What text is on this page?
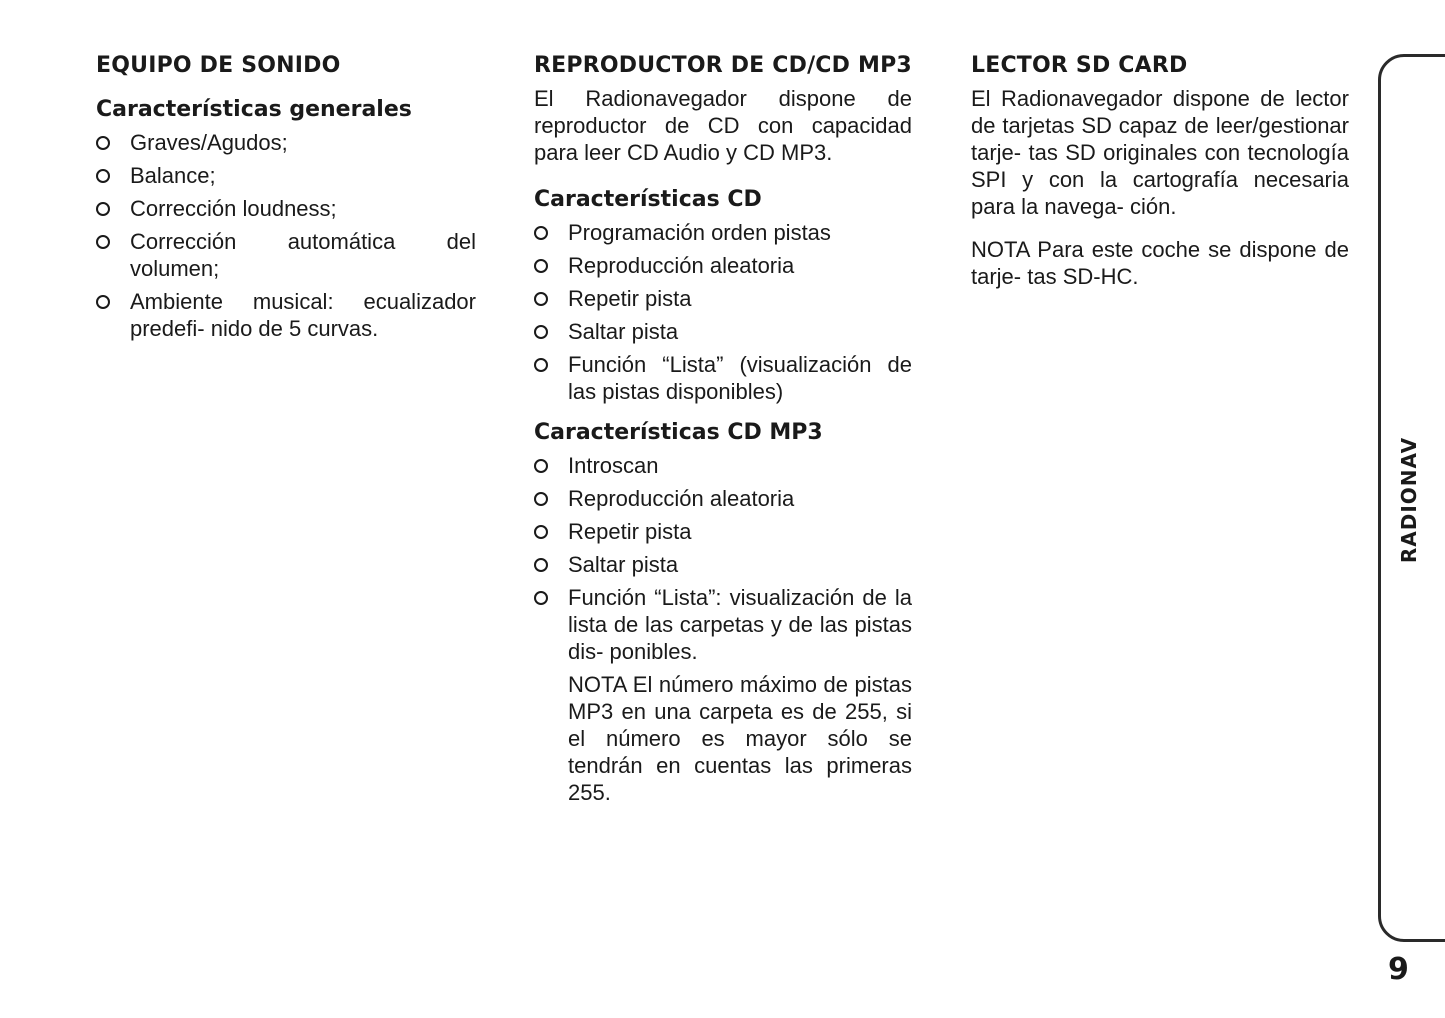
EQUIPO DE SONIDO
Características generales
Graves/Agudos;
Balance;
Corrección loudness;
Corrección automática del volumen;
Ambiente musical: ecualizador predefi- nido de 5 curvas.
REPRODUCTOR DE CD/CD MP3

El Radionavegador dispone de reproductor de CD con capacidad para leer CD Audio y CD MP3.

Características CD
Programación orden pistas
Reproducción aleatoria
Repetir pista
Saltar pista
Función “Lista” (visualización de las pistas disponibles)
Características CD MP3
Introscan
Reproducción aleatoria
Repetir pista
Saltar pista
Función “Lista”: visualización de la lista de las carpetas y de las pistas dis- ponibles.

NOTA El número máximo de pistas MP3 en una carpeta es de 255, si el número es mayor sólo se tendrán en cuentas las primeras 255.

LECTOR SD CARD

El Radionavegador dispone de lector de tarjetas SD capaz de leer/gestionar tarje- tas SD originales con tecnología SPI y con la cartografía necesaria para la navega- ción.

NOTA Para este coche se dispone de tarje- tas SD-HC.

RADIONAV
9
